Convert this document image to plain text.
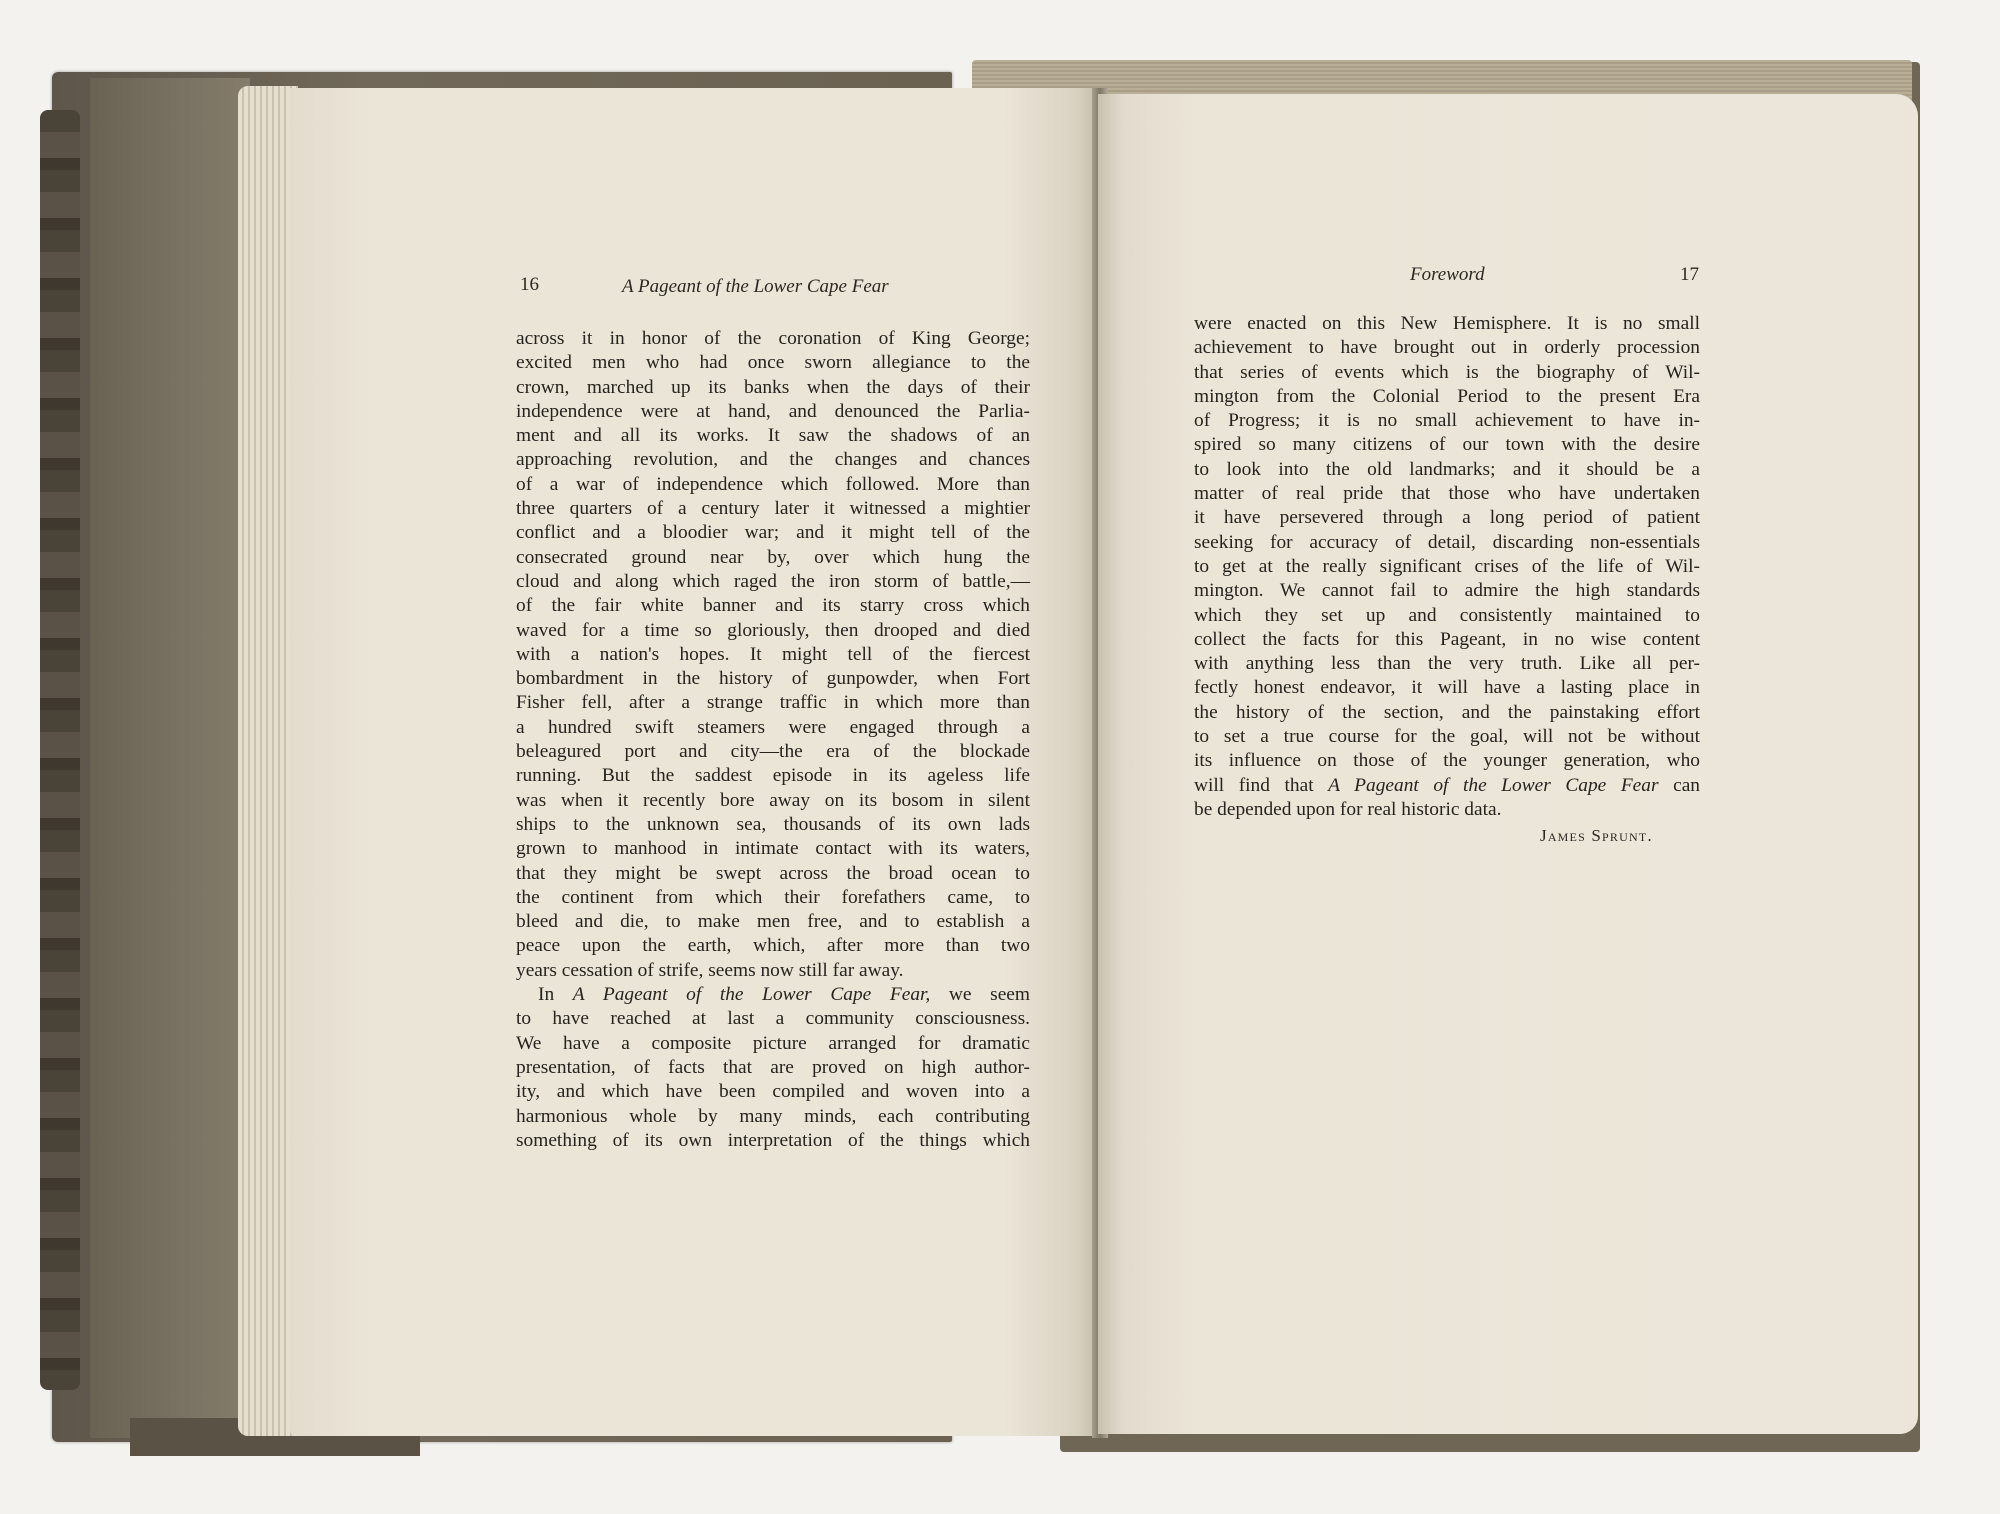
16	A Pageant of the Lower Cape Fear
across it in honor of the coronation of King George;
excited men who had once sworn allegiance to the
crown, marched up its banks when the days of their
independence were at hand, and denounced the Parlia-
ment and all its works. It saw the shadows of an
approaching revolution, and the changes and chances
of a war of independence which followed. More than
three quarters of a century later it witnessed a mightier
conflict and a bloodier war; and it might tell of the
consecrated ground near by, over which hung the
cloud and along which raged the iron storm of battle,—
of the fair white banner and its starry cross which
waved for a time so gloriously, then drooped and died
with a nation's hopes. It might tell of the fiercest
bombardment in the history of gunpowder, when Fort
Fisher fell, after a strange traffic in which more than
a hundred swift steamers were engaged through a
beleagured port and city—the era of the blockade
running. But the saddest episode in its ageless life
was when it recently bore away on its bosom in silent
ships to the unknown sea, thousands of its own lads
grown to manhood in intimate contact with its waters,
that they might be swept across the broad ocean to
the continent from which their forefathers came, to
bleed and die, to make men free, and to establish a
peace upon the earth, which, after more than two
years cessation of strife, seems now still far away.
In A Pageant of the Lower Cape Fear, we seem
to have reached at last a community consciousness.
We have a composite picture arranged for dramatic
presentation, of facts that are proved on high author-
ity, and which have been compiled and woven into a
harmonious whole by many minds, each contributing
something of its own interpretation of the things which
Foreword	17
were enacted on this New Hemisphere. It is no small
achievement to have brought out in orderly procession
that series of events which is the biography of Wil-
mington from the Colonial Period to the present Era
of Progress; it is no small achievement to have in-
spired so many citizens of our town with the desire
to look into the old landmarks; and it should be a
matter of real pride that those who have undertaken
it have persevered through a long period of patient
seeking for accuracy of detail, discarding non-essentials
to get at the really significant crises of the life of Wil-
mington. We cannot fail to admire the high standards
which they set up and consistently maintained to
collect the facts for this Pageant, in no wise content
with anything less than the very truth. Like all per-
fectly honest endeavor, it will have a lasting place in
the history of the section, and the painstaking effort
to set a true course for the goal, will not be without
its influence on those of the younger generation, who
will find that A Pageant of the Lower Cape Fear can
be depended upon for real historic data.
James Sprunt.
